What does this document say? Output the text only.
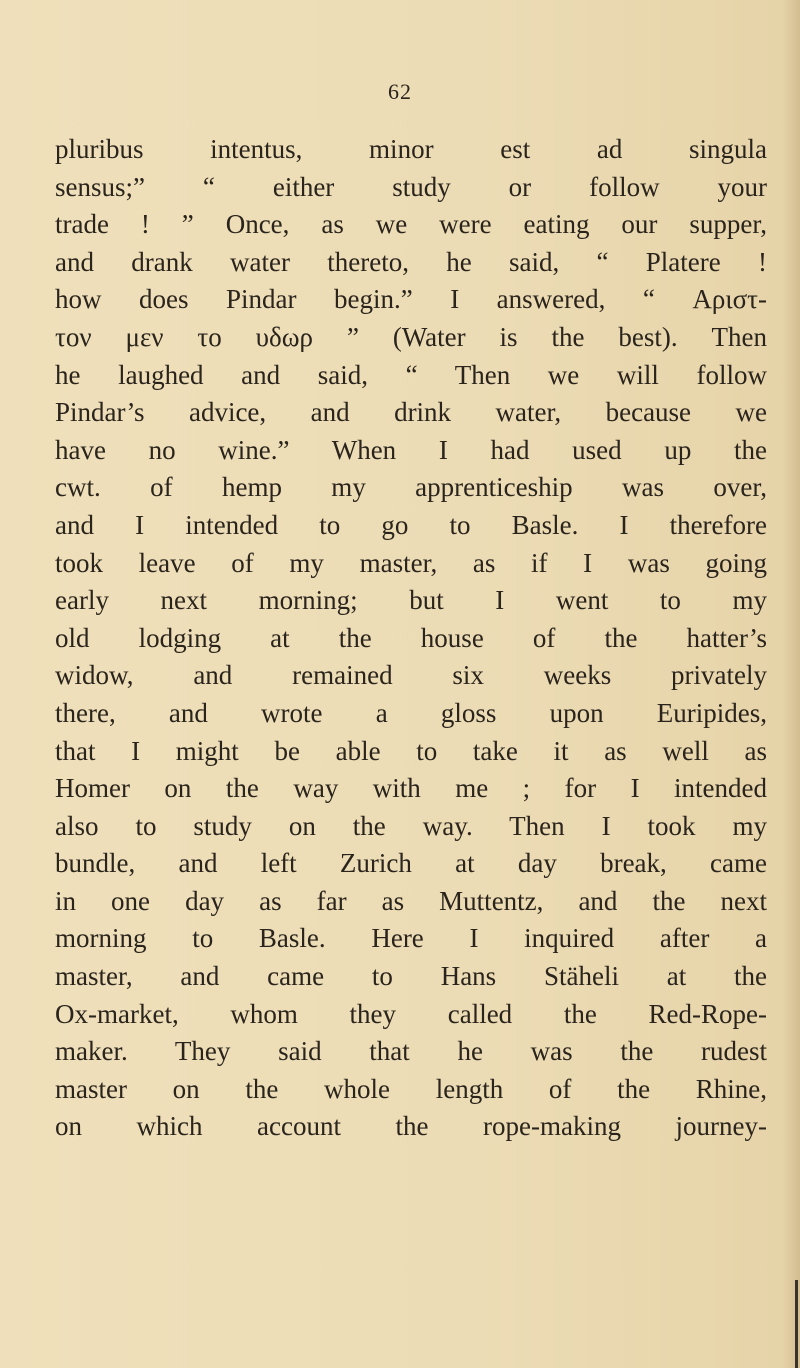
62
pluribus intentus, minor est ad singula
sensus;” “ either study or follow your
trade ! ” Once, as we were eating our supper,
and drank water thereto, he said, “ Platere !
how does Pindar begin.” I answered, “ Αριστ-
τον μεν το υδωρ ” (Water is the best). Then
he laughed and said, “ Then we will follow
Pindar’s advice, and drink water, because we
have no wine.” When I had used up the
cwt. of hemp my apprenticeship was over,
and I intended to go to Basle. I therefore
took leave of my master, as if I was going
early next morning; but I went to my
old lodging at the house of the hatter’s
widow, and remained six weeks privately
there, and wrote a gloss upon Euripides,
that I might be able to take it as well as
Homer on the way with me ; for I intended
also to study on the way. Then I took my
bundle, and left Zurich at day break, came
in one day as far as Muttentz, and the next
morning to Basle. Here I inquired after a
master, and came to Hans Stäheli at the
Ox-market, whom they called the Red-Rope-
maker. They said that he was the rudest
master on the whole length of the Rhine,
on which account the rope-making journey-
